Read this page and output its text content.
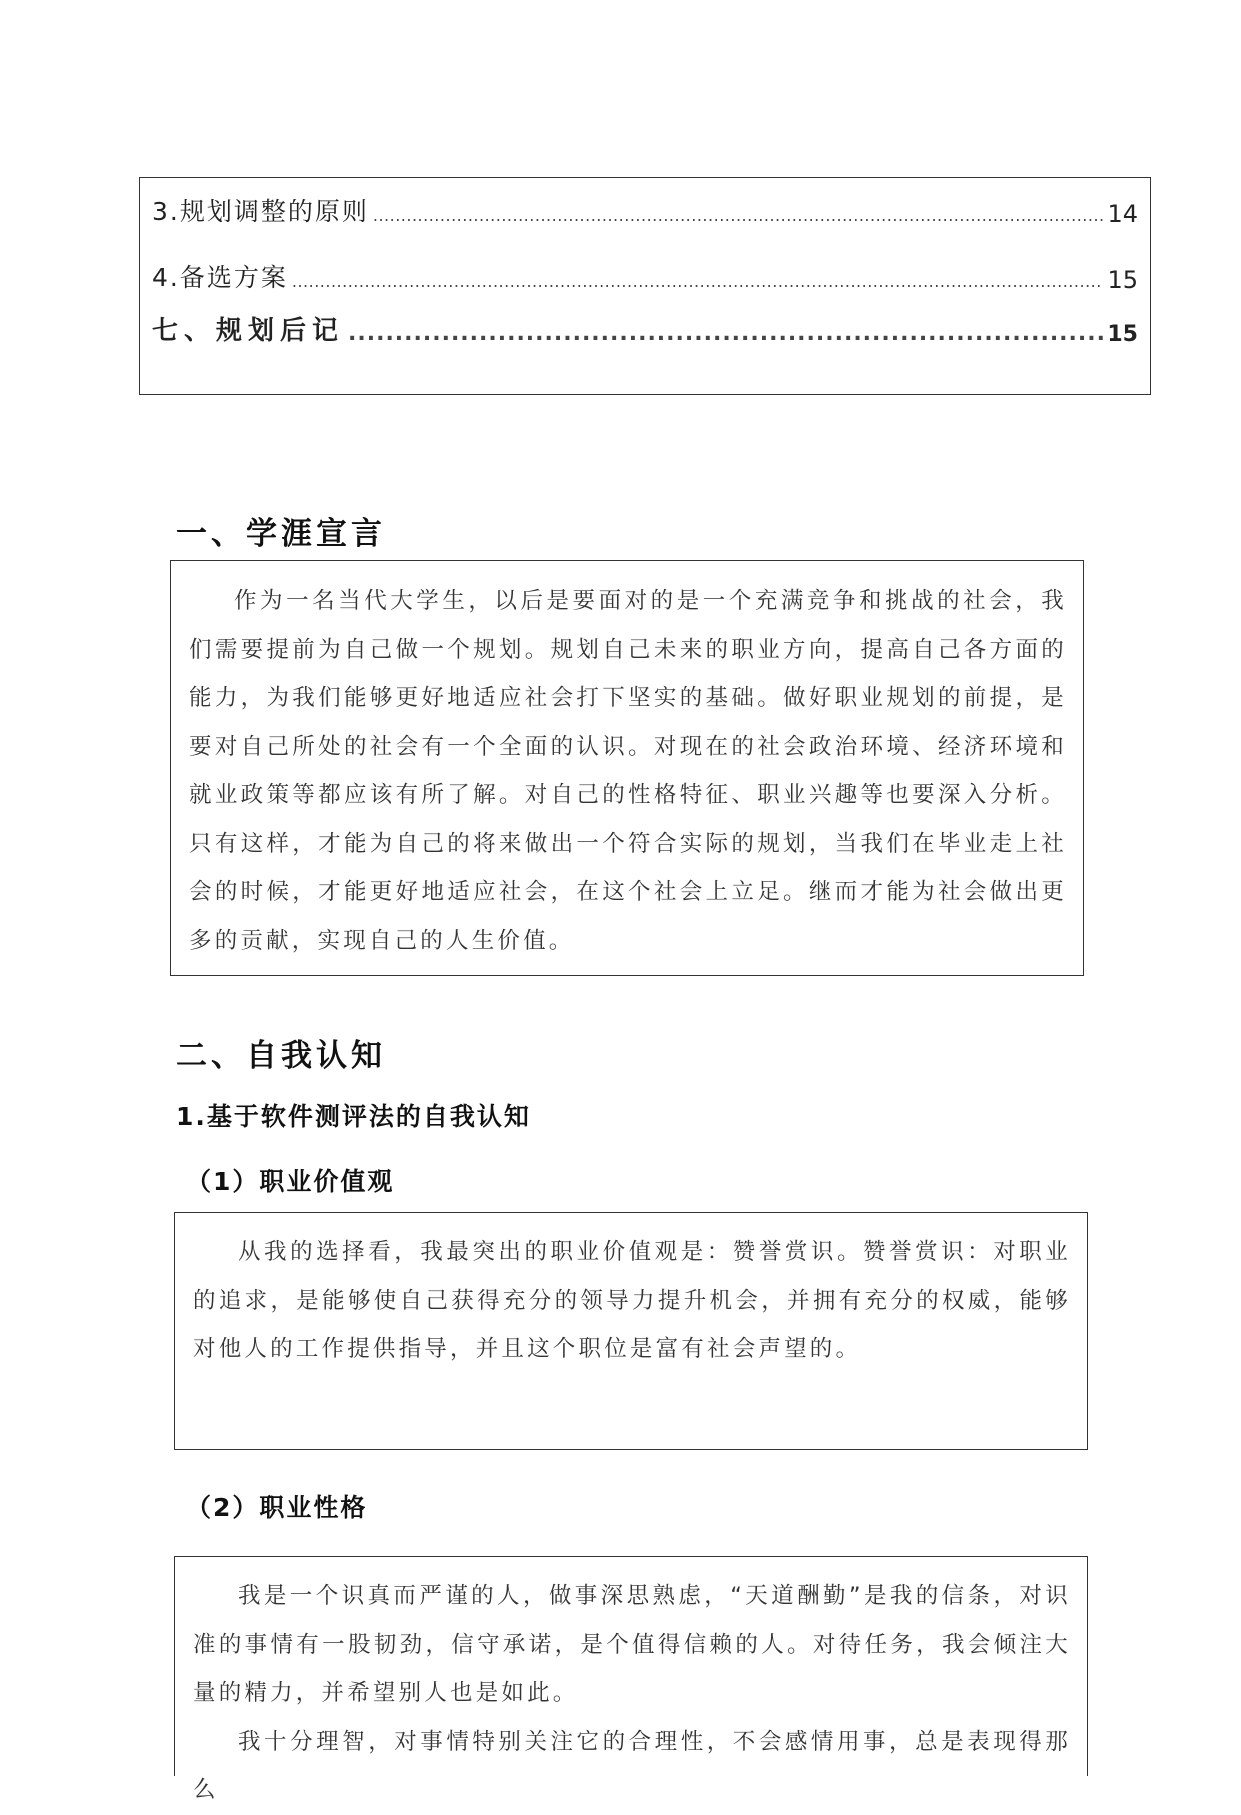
3.规划调整的原则 .....	14
4.备选方案 .....	15
七、规划后记 .....	15
一、学涯宣言

作为一名当代大学生，以后是要面对的是一个充满竞争和挑战的社会，我们需要提前为自己做一个规划。规划自己未来的职业方向，提高自己各方面的能力，为我们能够更好地适应社会打下坚实的基础。做好职业规划的前提，是要对自己所处的社会有一个全面的认识。对现在的社会政治环境、经济环境和就业政策等都应该有所了解。对自己的性格特征、职业兴趣等也要深入分析。只有这样，才能为自己的将来做出一个符合实际的规划，当我们在毕业走上社会的时候，才能更好地适应社会，在这个社会上立足。继而才能为社会做出更多的贡献，实现自己的人生价值。

二、自我认知
1.基于软件测评法的自我认知
（1）职业价值观

从我的选择看，我最突出的职业价值观是：赞誉赏识。赞誉赏识：对职业的追求，是能够使自己获得充分的领导力提升机会，并拥有充分的权威，能够对他人的工作提供指导，并且这个职位是富有社会声望的。

（2）职业性格

我是一个识真而严谨的人，做事深思熟虑，“天道酬勤”是我的信条，对识准的事情有一股韧劲，信守承诺，是个值得信赖的人。对待任务，我会倾注大量的精力，并希望别人也是如此。

我十分理智，对事情特别关注它的合理性，不会感情用事，总是表现得那么
